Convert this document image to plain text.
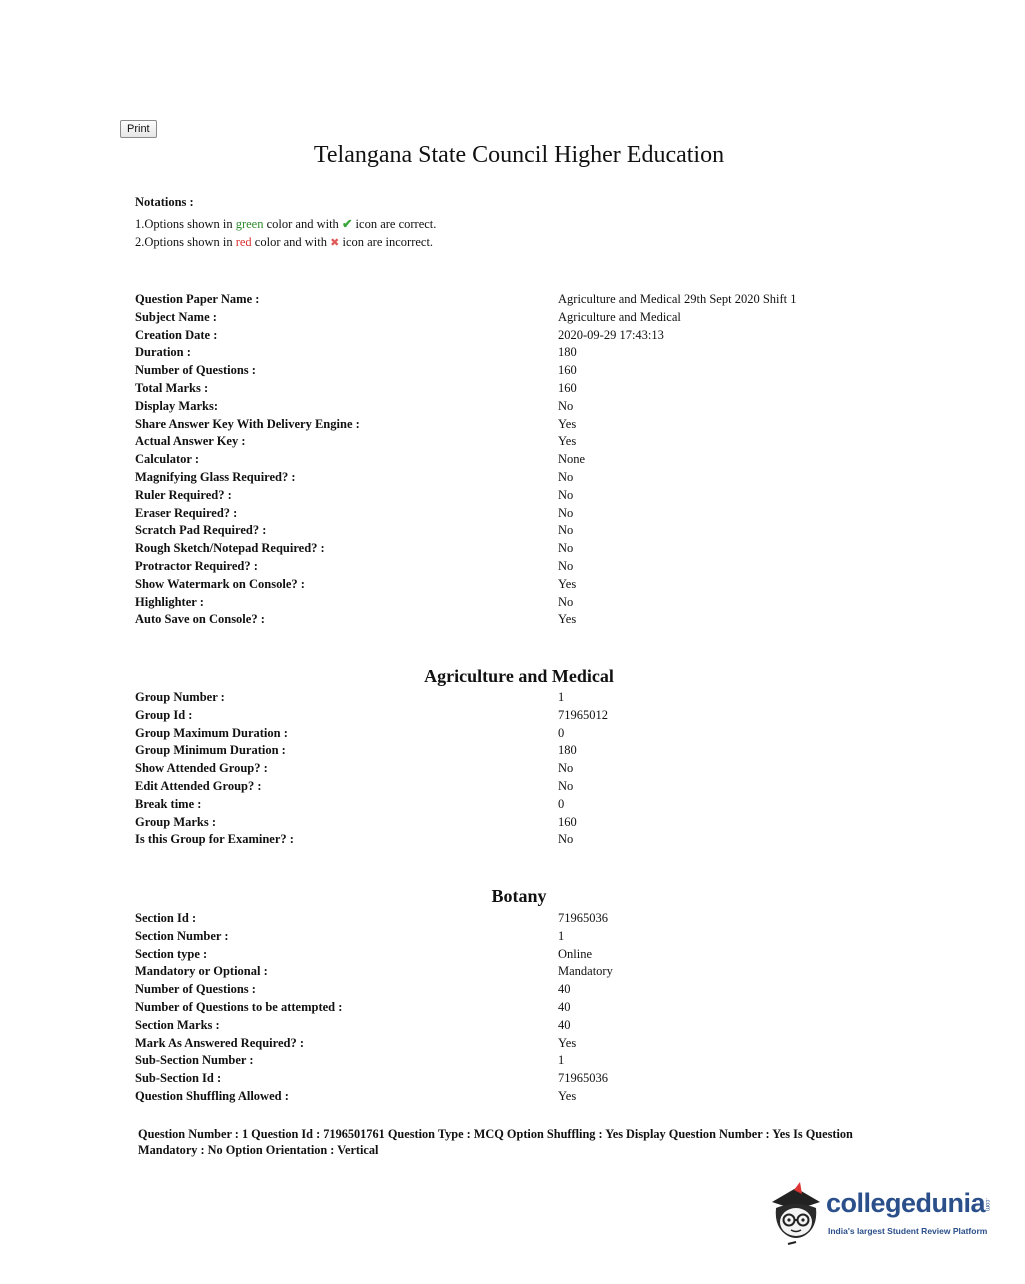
Print
Telangana State Council Higher Education
Notations :
1.Options shown in green color and with ✔ icon are correct.
2.Options shown in red color and with ✖ icon are incorrect.
Question Paper Name :	Agriculture and Medical 29th Sept 2020 Shift 1
Subject Name :	Agriculture and Medical
Creation Date :	2020-09-29 17:43:13
Duration :	180
Number of Questions :	160
Total Marks :	160
Display Marks:	No
Share Answer Key With Delivery Engine :	Yes
Actual Answer Key :	Yes
Calculator :	None
Magnifying Glass Required? :	No
Ruler Required? :	No
Eraser Required? :	No
Scratch Pad Required? :	No
Rough Sketch/Notepad Required? :	No
Protractor Required? :	No
Show Watermark on Console? :	Yes
Highlighter :	No
Auto Save on Console? :	Yes
Agriculture and Medical
Group Number :	1
Group Id :	71965012
Group Maximum Duration :	0
Group Minimum Duration :	180
Show Attended Group? :	No
Edit Attended Group? :	No
Break time :	0
Group Marks :	160
Is this Group for Examiner? :	No
Botany
Section Id :	71965036
Section Number :	1
Section type :	Online
Mandatory or Optional :	Mandatory
Number of Questions :	40
Number of Questions to be attempted :	40
Section Marks :	40
Mark As Answered Required? :	Yes
Sub-Section Number :	1
Sub-Section Id :	71965036
Question Shuffling Allowed :	Yes
Question Number : 1 Question Id : 7196501761 Question Type : MCQ Option Shuffling : Yes Display Question Number : Yes Is Question Mandatory : No Option Orientation : Vertical
collegedunia
.com
India's largest Student Review Platform
